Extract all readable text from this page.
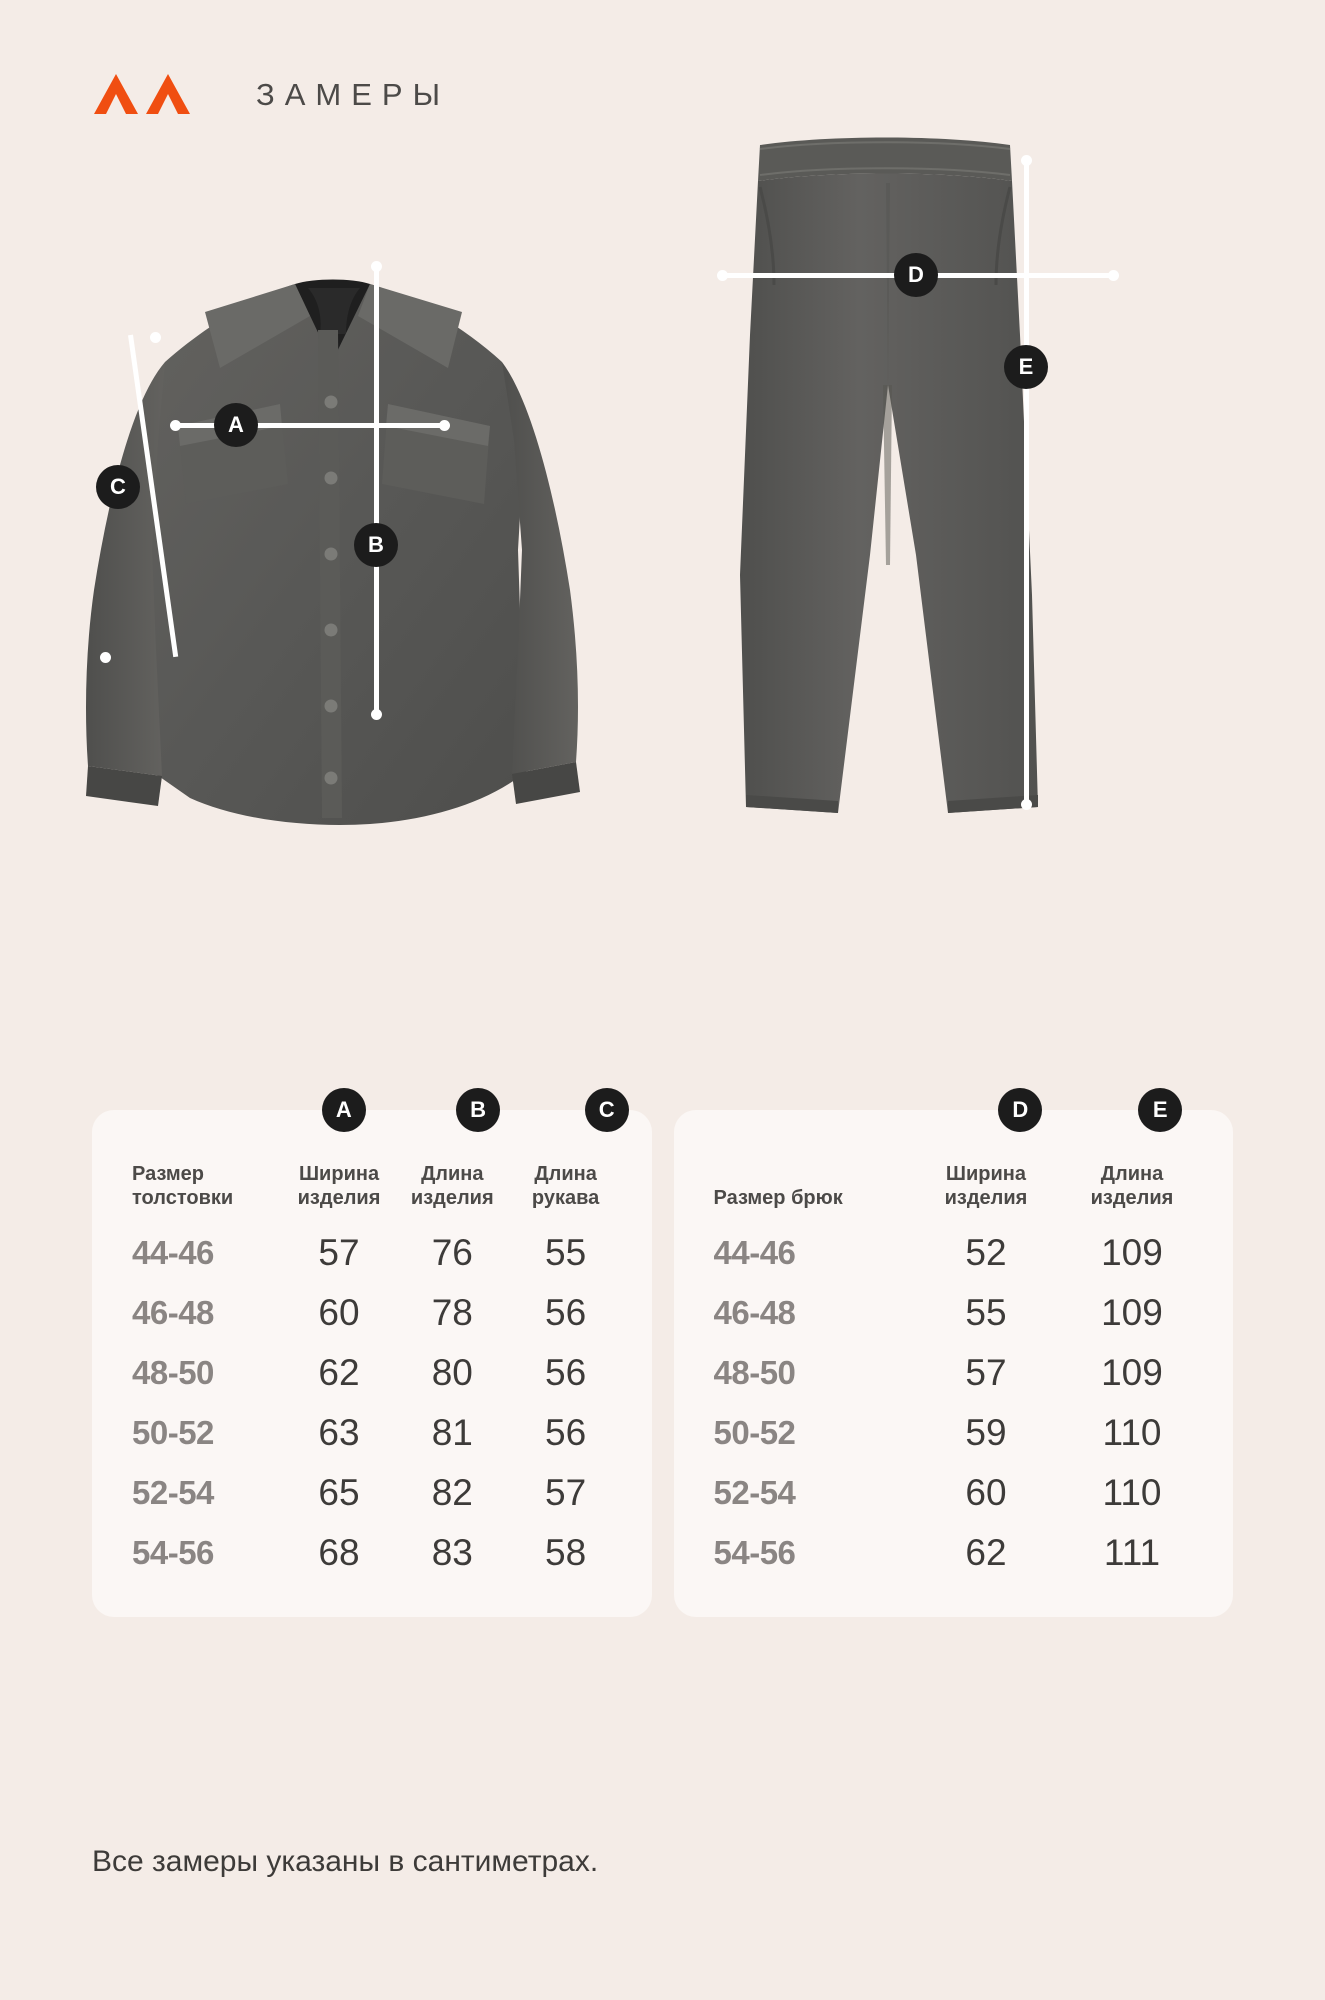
ЗАМЕРЫ
A
B
C
D
E
A	B	C
Размер толстовки	Ширина изделия	Длина изделия	Длина рукава
44-46	57	76	55
46-48	60	78	56
48-50	62	80	56
50-52	63	81	56
52-54	65	82	57
54-56	68	83	58
D	E
Размер брюк	Ширина изделия	Длина изделия
44-46	52	109
46-48	55	109
48-50	57	109
50-52	59	110
52-54	60	110
54-56	62	111
Все замеры указаны в сантиметрах.
